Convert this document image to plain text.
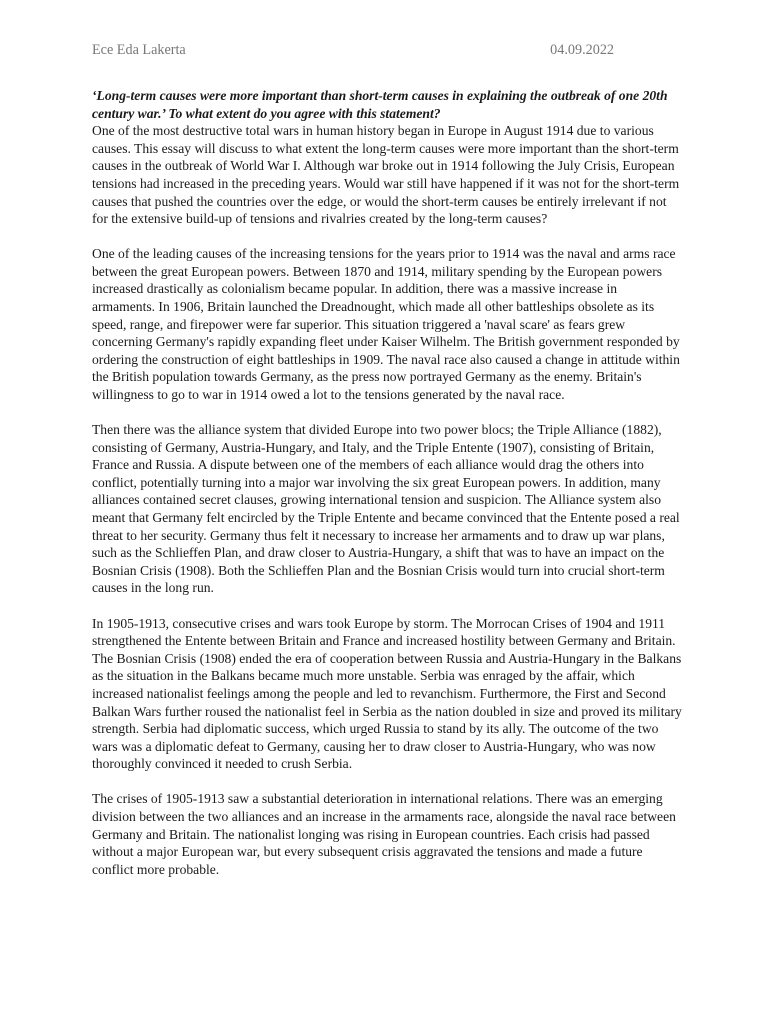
Ece Eda Lakerta	04.09.2022

‘Long-term causes were more important than short-term causes in explaining the outbreak of one 20th century war.’ To what extent do you agree with this statement?

One of the most destructive total wars in human history began in Europe in August 1914 due to various causes. This essay will discuss to what extent the long-term causes were more important than the short-term causes in the outbreak of World War I. Although war broke out in 1914 following the July Crisis, European tensions had increased in the preceding years. Would war still have happened if it was not for the short-term causes that pushed the countries over the edge, or would the short-term causes be entirely irrelevant if not for the extensive build-up of tensions and rivalries created by the long-term causes?

One of the leading causes of the increasing tensions for the years prior to 1914 was the naval and arms race between the great European powers. Between 1870 and 1914, military spending by the European powers increased drastically as colonialism became popular. In addition, there was a massive increase in armaments. In 1906, Britain launched the Dreadnought, which made all other battleships obsolete as its speed, range, and firepower were far superior. This situation triggered a 'naval scare' as fears grew concerning Germany's rapidly expanding fleet under Kaiser Wilhelm. The British government responded by ordering the construction of eight battleships in 1909. The naval race also caused a change in attitude within the British population towards Germany, as the press now portrayed Germany as the enemy. Britain's willingness to go to war in 1914 owed a lot to the tensions generated by the naval race.

Then there was the alliance system that divided Europe into two power blocs; the Triple Alliance (1882), consisting of Germany, Austria-Hungary, and Italy, and the Triple Entente (1907), consisting of Britain, France and Russia. A dispute between one of the members of each alliance would drag the others into conflict, potentially turning into a major war involving the six great European powers. In addition, many alliances contained secret clauses, growing international tension and suspicion. The Alliance system also meant that Germany felt encircled by the Triple Entente and became convinced that the Entente posed a real threat to her security. Germany thus felt it necessary to increase her armaments and to draw up war plans, such as the Schlieffen Plan, and draw closer to Austria-Hungary, a shift that was to have an impact on the Bosnian Crisis (1908). Both the Schlieffen Plan and the Bosnian Crisis would turn into crucial short-term causes in the long run.

In 1905-1913, consecutive crises and wars took Europe by storm. The Morrocan Crises of 1904 and 1911 strengthened the Entente between Britain and France and increased hostility between Germany and Britain. The Bosnian Crisis (1908) ended the era of cooperation between Russia and Austria-Hungary in the Balkans as the situation in the Balkans became much more unstable. Serbia was enraged by the affair, which increased nationalist feelings among the people and led to revanchism. Furthermore, the First and Second Balkan Wars further roused the nationalist feel in Serbia as the nation doubled in size and proved its military strength. Serbia had diplomatic success, which urged Russia to stand by its ally. The outcome of the two wars was a diplomatic defeat to Germany, causing her to draw closer to Austria-Hungary, who was now thoroughly convinced it needed to crush Serbia.

The crises of 1905-1913 saw a substantial deterioration in international relations. There was an emerging division between the two alliances and an increase in the armaments race, alongside the naval race between Germany and Britain. The nationalist longing was rising in European countries. Each crisis had passed without a major European war, but every subsequent crisis aggravated the tensions and made a future conflict more probable.
